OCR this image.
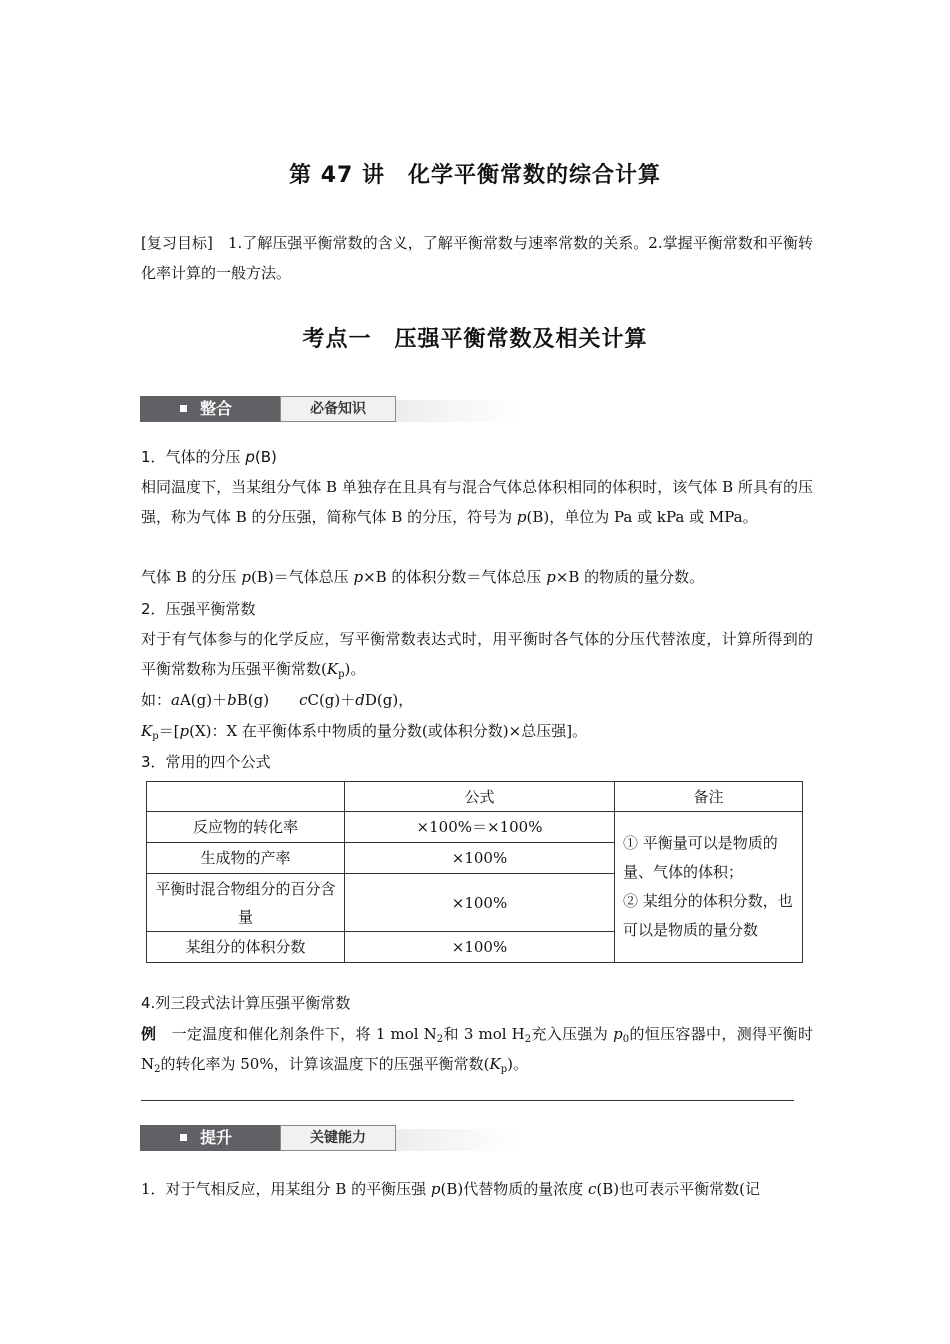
第 47 讲　化学平衡常数的综合计算
[复习目标]　1.了解压强平衡常数的含义，了解平衡常数与速率常数的关系。2.掌握平衡常数和平衡转化率计算的一般方法。
考点一　压强平衡常数及相关计算
整合	必备知识
1．气体的分压 p(B)
相同温度下，当某组分气体 B 单独存在且具有与混合气体总体积相同的体积时，该气体 B 所具有的压强，称为气体 B 的分压强，简称气体 B 的分压，符号为 p(B)，单位为 Pa 或 kPa 或 MPa。
气体 B 的分压 p(B)＝气体总压 p×B 的体积分数＝气体总压 p×B 的物质的量分数。
2．压强平衡常数
对于有气体参与的化学反应，写平衡常数表达式时，用平衡时各气体的分压代替浓度，计算所得到的平衡常数称为压强平衡常数$(K_p)$。
如：aA(g)＋bB(g)　　cC(g)＋dD(g)，
$K_p=[p(X)$：X 在平衡体系中物质的量分数(或体积分数)×总压强]。
3．常用的四个公式
	公式	备注
反应物的转化率	×100%＝×100%	① 平衡量可以是物质的量、气体的体积；
② 某组分的体积分数，也可以是物质的量分数

生成物的产率	×100%	
平衡时混合物组分的百分含量	×100%	
某组分的体积分数	×100%	
4.列三段式法计算压强平衡常数
例　一定温度和催化剂条件下，将 1 mol $N_2$和 3 mol $H_2$充入压强为 $p_0$的恒压容器中，测得平衡时 $N_2$的转化率为 50%，计算该温度下的压强平衡常数$(K_p)$。
提升	关键能力
1．对于气相反应，用某组分 B 的平衡压强 p(B)代替物质的量浓度 c(B)也可表示平衡常数(记
